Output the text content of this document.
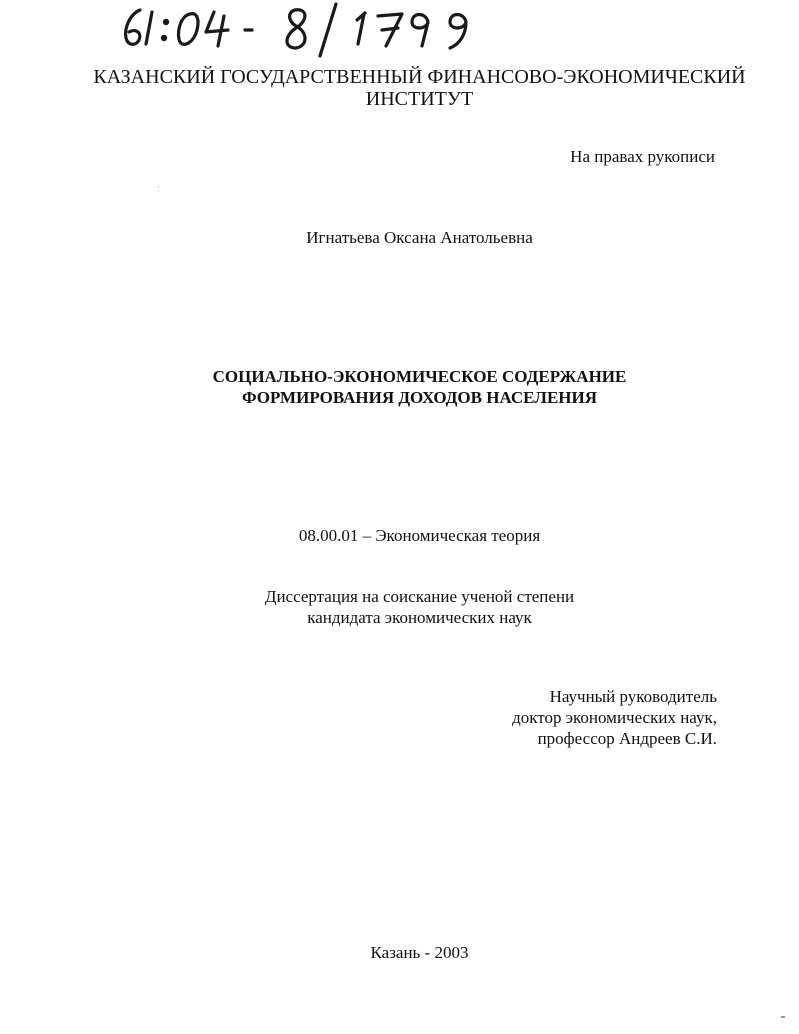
КАЗАНСКИЙ ГОСУДАРСТВЕННЫЙ ФИНАНСОВО-ЭКОНОМИЧЕСКИЙ
ИНСТИТУТ
На правах рукописи
Игнатьева Оксана Анатольевна
СОЦИАЛЬНО-ЭКОНОМИЧЕСКОЕ СОДЕРЖАНИЕ
ФОРМИРОВАНИЯ ДОХОДОВ НАСЕЛЕНИЯ
08.00.01 – Экономическая теория
Диссертация на соискание ученой степени
кандидата экономических наук
Научный руководитель
доктор экономических наук,
профессор Андреев С.И.
Казань - 2003
